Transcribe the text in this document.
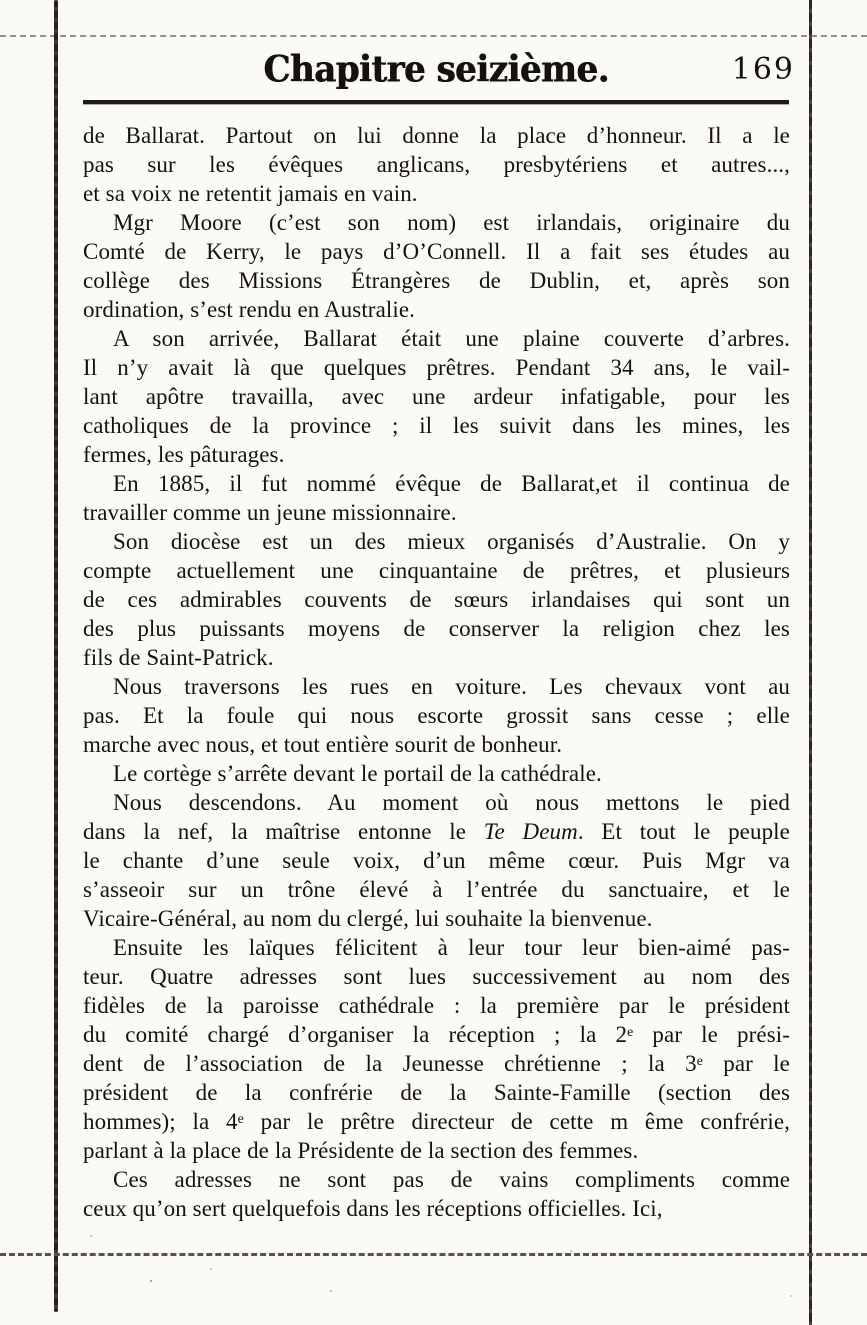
Chapitre seizième.	169
de Ballarat. Partout on lui donne la place d’honneur. Il a le
pas sur les évêques anglicans, presbytériens et autres...,
et sa voix ne retentit jamais en vain.
Mgr Moore (c’est son nom) est irlandais, originaire du
Comté de Kerry, le pays d’O’Connell. Il a fait ses études au
collège des Missions Étrangères de Dublin, et, après son
ordination, s’est rendu en Australie.
A son arrivée, Ballarat était une plaine couverte d’arbres.
Il n’y avait là que quelques prêtres. Pendant 34 ans, le vail-
lant apôtre travailla, avec une ardeur infatigable, pour les
catholiques de la province ; il les suivit dans les mines, les
fermes, les pâturages.
En 1885, il fut nommé évêque de Ballarat,et il continua de
travailler comme un jeune missionnaire.
Son diocèse est un des mieux organisés d’Australie. On y
compte actuellement une cinquantaine de prêtres, et plusieurs
de ces admirables couvents de sœurs irlandaises qui sont un
des plus puissants moyens de conserver la religion chez les
fils de Saint-Patrick.
Nous traversons les rues en voiture. Les chevaux vont au
pas. Et la foule qui nous escorte grossit sans cesse ; elle
marche avec nous, et tout entière sourit de bonheur.
Le cortège s’arrête devant le portail de la cathédrale.
Nous descendons. Au moment où nous mettons le pied
dans la nef, la maîtrise entonne le Te Deum. Et tout le peuple
le chante d’une seule voix, d’un même cœur. Puis Mgr va
s’asseoir sur un trône élevé à l’entrée du sanctuaire, et le
Vicaire-Général, au nom du clergé, lui souhaite la bienvenue.
Ensuite les laïques félicitent à leur tour leur bien-aimé pas-
teur. Quatre adresses sont lues successivement au nom des
fidèles de la paroisse cathédrale : la première par le président
du comité chargé d’organiser la réception ; la 2e par le prési-
dent de l’association de la Jeunesse chrétienne ; la 3e par le
président de la confrérie de la Sainte-Famille (section des
hommes); la 4e par le prêtre directeur de cette m ême confrérie,
parlant à la place de la Présidente de la section des femmes.
Ces adresses ne sont pas de vains compliments comme
ceux qu’on sert quelquefois dans les réceptions officielles. Ici,
